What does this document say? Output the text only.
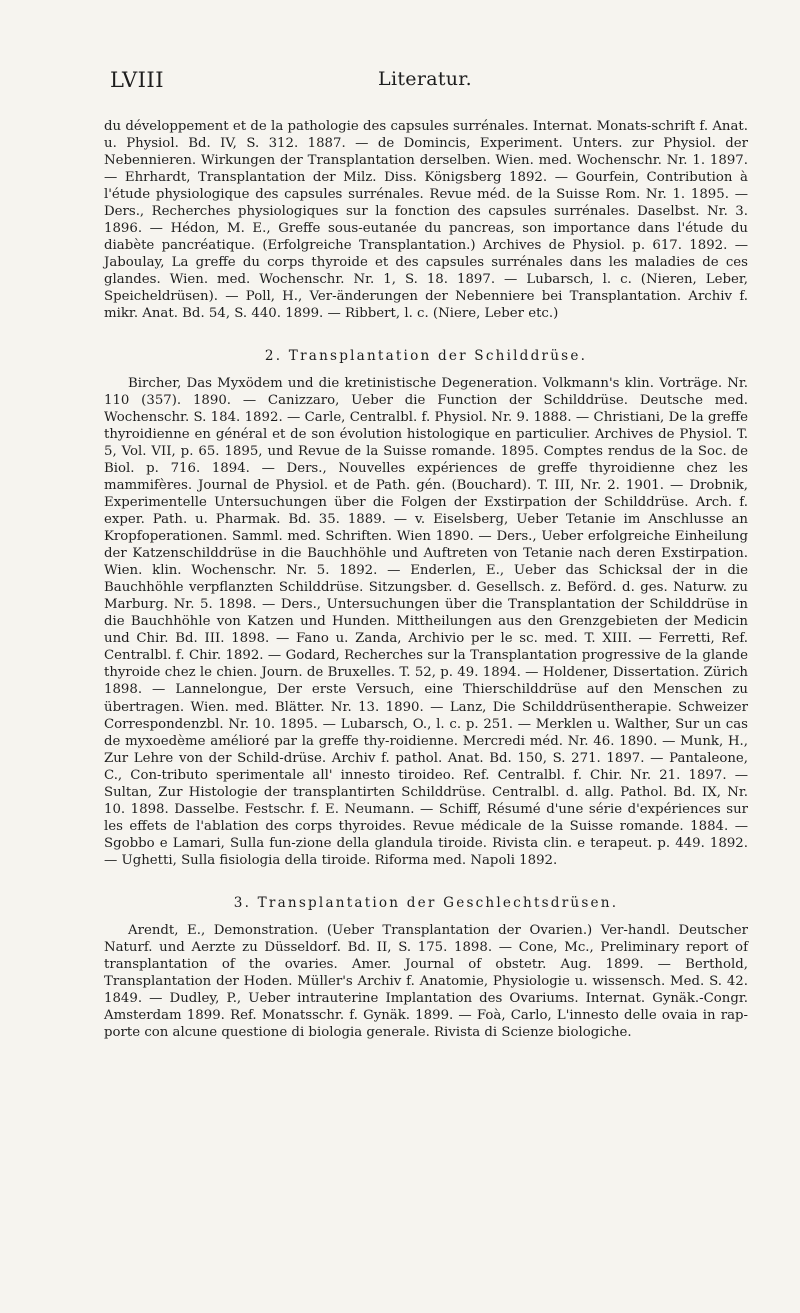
LVIII	Literatur.

du développement et de la pathologie des capsules surrénales. Internat. Monats-schrift f. Anat. u. Physiol. Bd. IV, S. 312. 1887. — de Domincis, Experiment. Unters. zur Physiol. der Nebennieren. Wirkungen der Transplantation derselben. Wien. med. Wochenschr. Nr. 1. 1897. — Ehrhardt, Transplantation der Milz. Diss. Königsberg 1892. — Gourfein, Contribution à l'étude physiologique des capsules surrénales. Revue méd. de la Suisse Rom. Nr. 1. 1895. — Ders., Recherches physiologiques sur la fonction des capsules surrénales. Daselbst. Nr. 3. 1896. — Hédon, M. E., Greffe sous-eutanée du pancreas, son importance dans l'étude du diabète pancréatique. (Erfolgreiche Transplantation.) Archives de Physiol. p. 617. 1892. — Jaboulay, La greffe du corps thyroide et des capsules surrénales dans les maladies de ces glandes. Wien. med. Wochenschr. Nr. 1, S. 18. 1897. — Lubarsch, l. c. (Nieren, Leber, Speicheldrüsen). — Poll, H., Ver-änderungen der Nebenniere bei Transplantation. Archiv f. mikr. Anat. Bd. 54, S. 440. 1899. — Ribbert, l. c. (Niere, Leber etc.)

2. Transplantation der Schilddrüse.

Bircher, Das Myxödem und die kretinistische Degeneration. Volkmann's klin. Vorträge. Nr. 110 (357). 1890. — Canizzaro, Ueber die Function der Schilddrüse. Deutsche med. Wochenschr. S. 184. 1892. — Carle, Centralbl. f. Physiol. Nr. 9. 1888. — Christiani, De la greffe thyroidienne en général et de son évolution histologique en particulier. Archives de Physiol. T. 5, Vol. VII, p. 65. 1895, und Revue de la Suisse romande. 1895. Comptes rendus de la Soc. de Biol. p. 716. 1894. — Ders., Nouvelles expériences de greffe thyroidienne chez les mammifères. Journal de Physiol. et de Path. gén. (Bouchard). T. III, Nr. 2. 1901. — Drobnik, Experimentelle Untersuchungen über die Folgen der Exstirpation der Schilddrüse. Arch. f. exper. Path. u. Pharmak. Bd. 35. 1889. — v. Eiselsberg, Ueber Tetanie im Anschlusse an Kropfoperationen. Samml. med. Schriften. Wien 1890. — Ders., Ueber erfolgreiche Einheilung der Katzenschilddrüse in die Bauchhöhle und Auftreten von Tetanie nach deren Exstirpation. Wien. klin. Wochenschr. Nr. 5. 1892. — Enderlen, E., Ueber das Schicksal der in die Bauchhöhle verpflanzten Schilddrüse. Sitzungsber. d. Gesellsch. z. Beförd. d. ges. Naturw. zu Marburg. Nr. 5. 1898. — Ders., Untersuchungen über die Transplantation der Schilddrüse in die Bauchhöhle von Katzen und Hunden. Mittheilungen aus den Grenzgebieten der Medicin und Chir. Bd. III. 1898. — Fano u. Zanda, Archivio per le sc. med. T. XIII. — Ferretti, Ref. Centralbl. f. Chir. 1892. — Godard, Recherches sur la Transplantation progressive de la glande thyroide chez le chien. Journ. de Bruxelles. T. 52, p. 49. 1894. — Holdener, Dissertation. Zürich 1898. — Lannelongue, Der erste Versuch, eine Thierschilddrüse auf den Menschen zu übertragen. Wien. med. Blätter. Nr. 13. 1890. — Lanz, Die Schilddrüsentherapie. Schweizer Correspondenzbl. Nr. 10. 1895. — Lubarsch, O., l. c. p. 251. — Merklen u. Walther, Sur un cas de myxoedème amélioré par la greffe thy-roidienne. Mercredi méd. Nr. 46. 1890. — Munk, H., Zur Lehre von der Schild-drüse. Archiv f. pathol. Anat. Bd. 150, S. 271. 1897. — Pantaleone, C., Con-tributo sperimentale all' innesto tiroideo. Ref. Centralbl. f. Chir. Nr. 21. 1897. — Sultan, Zur Histologie der transplantirten Schilddrüse. Centralbl. d. allg. Pathol. Bd. IX, Nr. 10. 1898. Dasselbe. Festschr. f. E. Neumann. — Schiff, Résumé d'une série d'expériences sur les effets de l'ablation des corps thyroides. Revue médicale de la Suisse romande. 1884. — Sgobbo e Lamari, Sulla fun-zione della glandula tiroide. Rivista clin. e terapeut. p. 449. 1892. — Ughetti, Sulla fisiologia della tiroide. Riforma med. Napoli 1892.

3. Transplantation der Geschlechtsdrüsen.

Arendt, E., Demonstration. (Ueber Transplantation der Ovarien.) Ver-handl. Deutscher Naturf. und Aerzte zu Düsseldorf. Bd. II, S. 175. 1898. — Cone, Mc., Preliminary report of transplantation of the ovaries. Amer. Journal of obstetr. Aug. 1899. — Berthold, Transplantation der Hoden. Müller's Archiv f. Anatomie, Physiologie u. wissensch. Med. S. 42. 1849. — Dudley, P., Ueber intrauterine Implantation des Ovariums. Internat. Gynäk.-Congr. Amsterdam 1899. Ref. Monatsschr. f. Gynäk. 1899. — Foà, Carlo, L'innesto delle ovaia in rap-porte con alcune questione di biologia generale. Rivista di Scienze biologiche.
